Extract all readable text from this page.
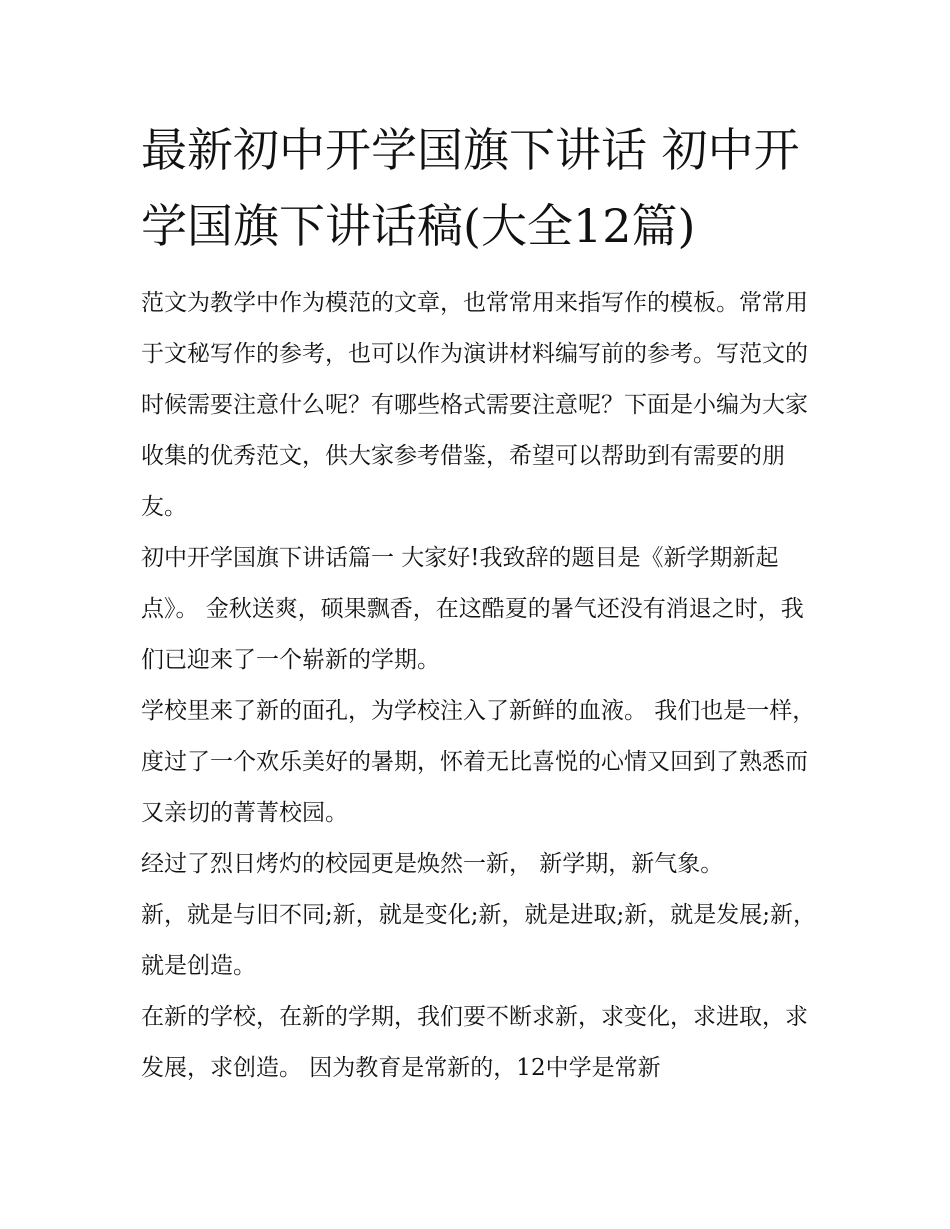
最新初中开学国旗下讲话 初中开学国旗下讲话稿(大全12篇)

范文为教学中作为模范的文章，也常常用来指写作的模板。常常用于文秘写作的参考，也可以作为演讲材料编写前的参考。写范文的时候需要注意什么呢？有哪些格式需要注意呢？下面是小编为大家收集的优秀范文，供大家参考借鉴，希望可以帮助到有需要的朋友。

初中开学国旗下讲话篇一 大家好!我致辞的题目是《新学期新起点》。 金秋送爽，硕果飘香，在这酷夏的暑气还没有消退之时，我们已迎来了一个崭新的学期。

学校里来了新的面孔，为学校注入了新鲜的血液。 我们也是一样，度过了一个欢乐美好的暑期，怀着无比喜悦的心情又回到了熟悉而又亲切的菁菁校园。

经过了烈日烤灼的校园更是焕然一新， 新学期，新气象。

新，就是与旧不同;新，就是变化;新，就是进取;新，就是发展;新，就是创造。

在新的学校，在新的学期，我们要不断求新，求变化，求进取，求发展，求创造。 因为教育是常新的，12中学是常新
